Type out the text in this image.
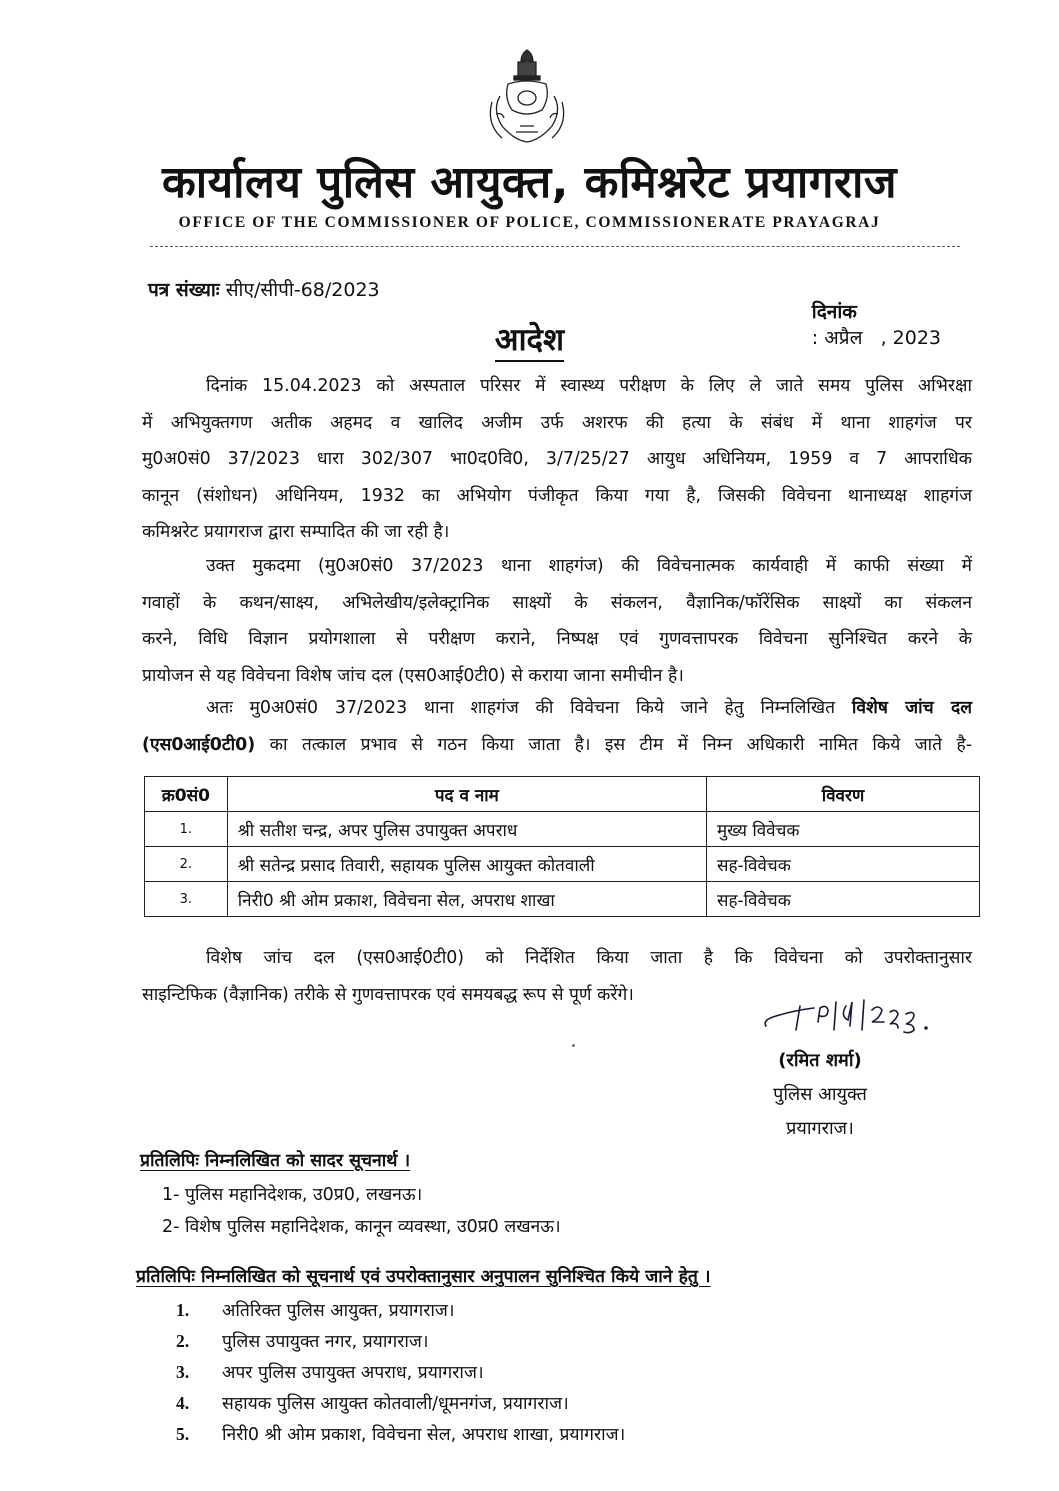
कार्यालय पुलिस आयुक्त, कमिश्नरेट प्रयागराज
OFFICE OF THE COMMISSIONER OF POLICE, COMMISSIONERATE PRAYAGRAJ
पत्र संख्याः सीए/सीपी-68/2023

दिनांक
: अप्रैल   , 2023

आदेश
दिनांक 15.04.2023 को अस्पताल परिसर में स्वास्थ्य परीक्षण के लिए ले जाते समय पुलिस अभिरक्षा
में अभियुक्तगण अतीक अहमद व खालिद अजीम उर्फ अशरफ की हत्या के संबंध में थाना शाहगंज पर
मु0अ0सं0 37/2023 धारा 302/307 भा0द0वि0, 3/7/25/27 आयुध अधिनियम, 1959 व 7 आपराधिक
कानून (संशोधन) अधिनियम, 1932 का अभियोग पंजीकृत किया गया है, जिसकी विवेचना थानाध्यक्ष शाहगंज
कमिश्नरेट प्रयागराज द्वारा सम्पादित की जा रही है।
उक्त मुकदमा (मु0अ0सं0 37/2023 थाना शाहगंज) की विवेचनात्मक कार्यवाही में काफी संख्या में
गवाहों के कथन/साक्ष्य, अभिलेखीय/इलेक्ट्रानिक साक्ष्यों के संकलन, वैज्ञानिक/फॉरेंसिक साक्ष्यों का संकलन
करने, विधि विज्ञान प्रयोगशाला से परीक्षण कराने, निष्पक्ष एवं गुणवत्तापरक विवेचना सुनिश्चित करने के
प्रायोजन से यह विवेचना विशेष जांच दल (एस0आई0टी0) से कराया जाना समीचीन है।
अतः मु0अ0सं0 37/2023 थाना शाहगंज की विवेचना किये जाने हेतु निम्नलिखित विशेष जांच दल
(एस0आई0टी0) का तत्काल प्रभाव से गठन किया जाता है। इस टीम में निम्न अधिकारी नामित किये जाते है-
क्र0सं0	पद व नाम	विवरण
1.	श्री सतीश चन्द्र, अपर पुलिस उपायुक्त अपराध	मुख्य विवेचक
2.	श्री सतेन्द्र प्रसाद तिवारी, सहायक पुलिस आयुक्त कोतवाली	सह-विवेचक
3.	निरी0 श्री ओम प्रकाश, विवेचना सेल, अपराध शाखा	सह-विवेचक
विशेष जांच दल (एस0आई0टी0) को निर्देशित किया जाता है कि विवेचना को उपरोक्तानुसार
साइन्टिफिक (वैज्ञानिक) तरीके से गुणवत्तापरक एवं समयबद्ध रूप से पूर्ण करेंगे।
(रमित शर्मा)
पुलिस आयुक्त
प्रयागराज।
प्रतिलिपिः निम्नलिखित को सादर सूचनार्थ ।
1- पुलिस महानिदेशक, उ0प्र0, लखनऊ।
2- विशेष पुलिस महानिदेशक, कानून व्यवस्था, उ0प्र0 लखनऊ।
प्रतिलिपिः निम्नलिखित को सूचनार्थ एवं उपरोक्तानुसार अनुपालन सुनिश्चित किये जाने हेतु ।
1. अतिरिक्त पुलिस आयुक्त, प्रयागराज।
2. पुलिस उपायुक्त नगर, प्रयागराज।
3. अपर पुलिस उपायुक्त अपराध, प्रयागराज।
4. सहायक पुलिस आयुक्त कोतवाली/धूमनगंज, प्रयागराज।
5. निरी0 श्री ओम प्रकाश, विवेचना सेल, अपराध शाखा, प्रयागराज।
